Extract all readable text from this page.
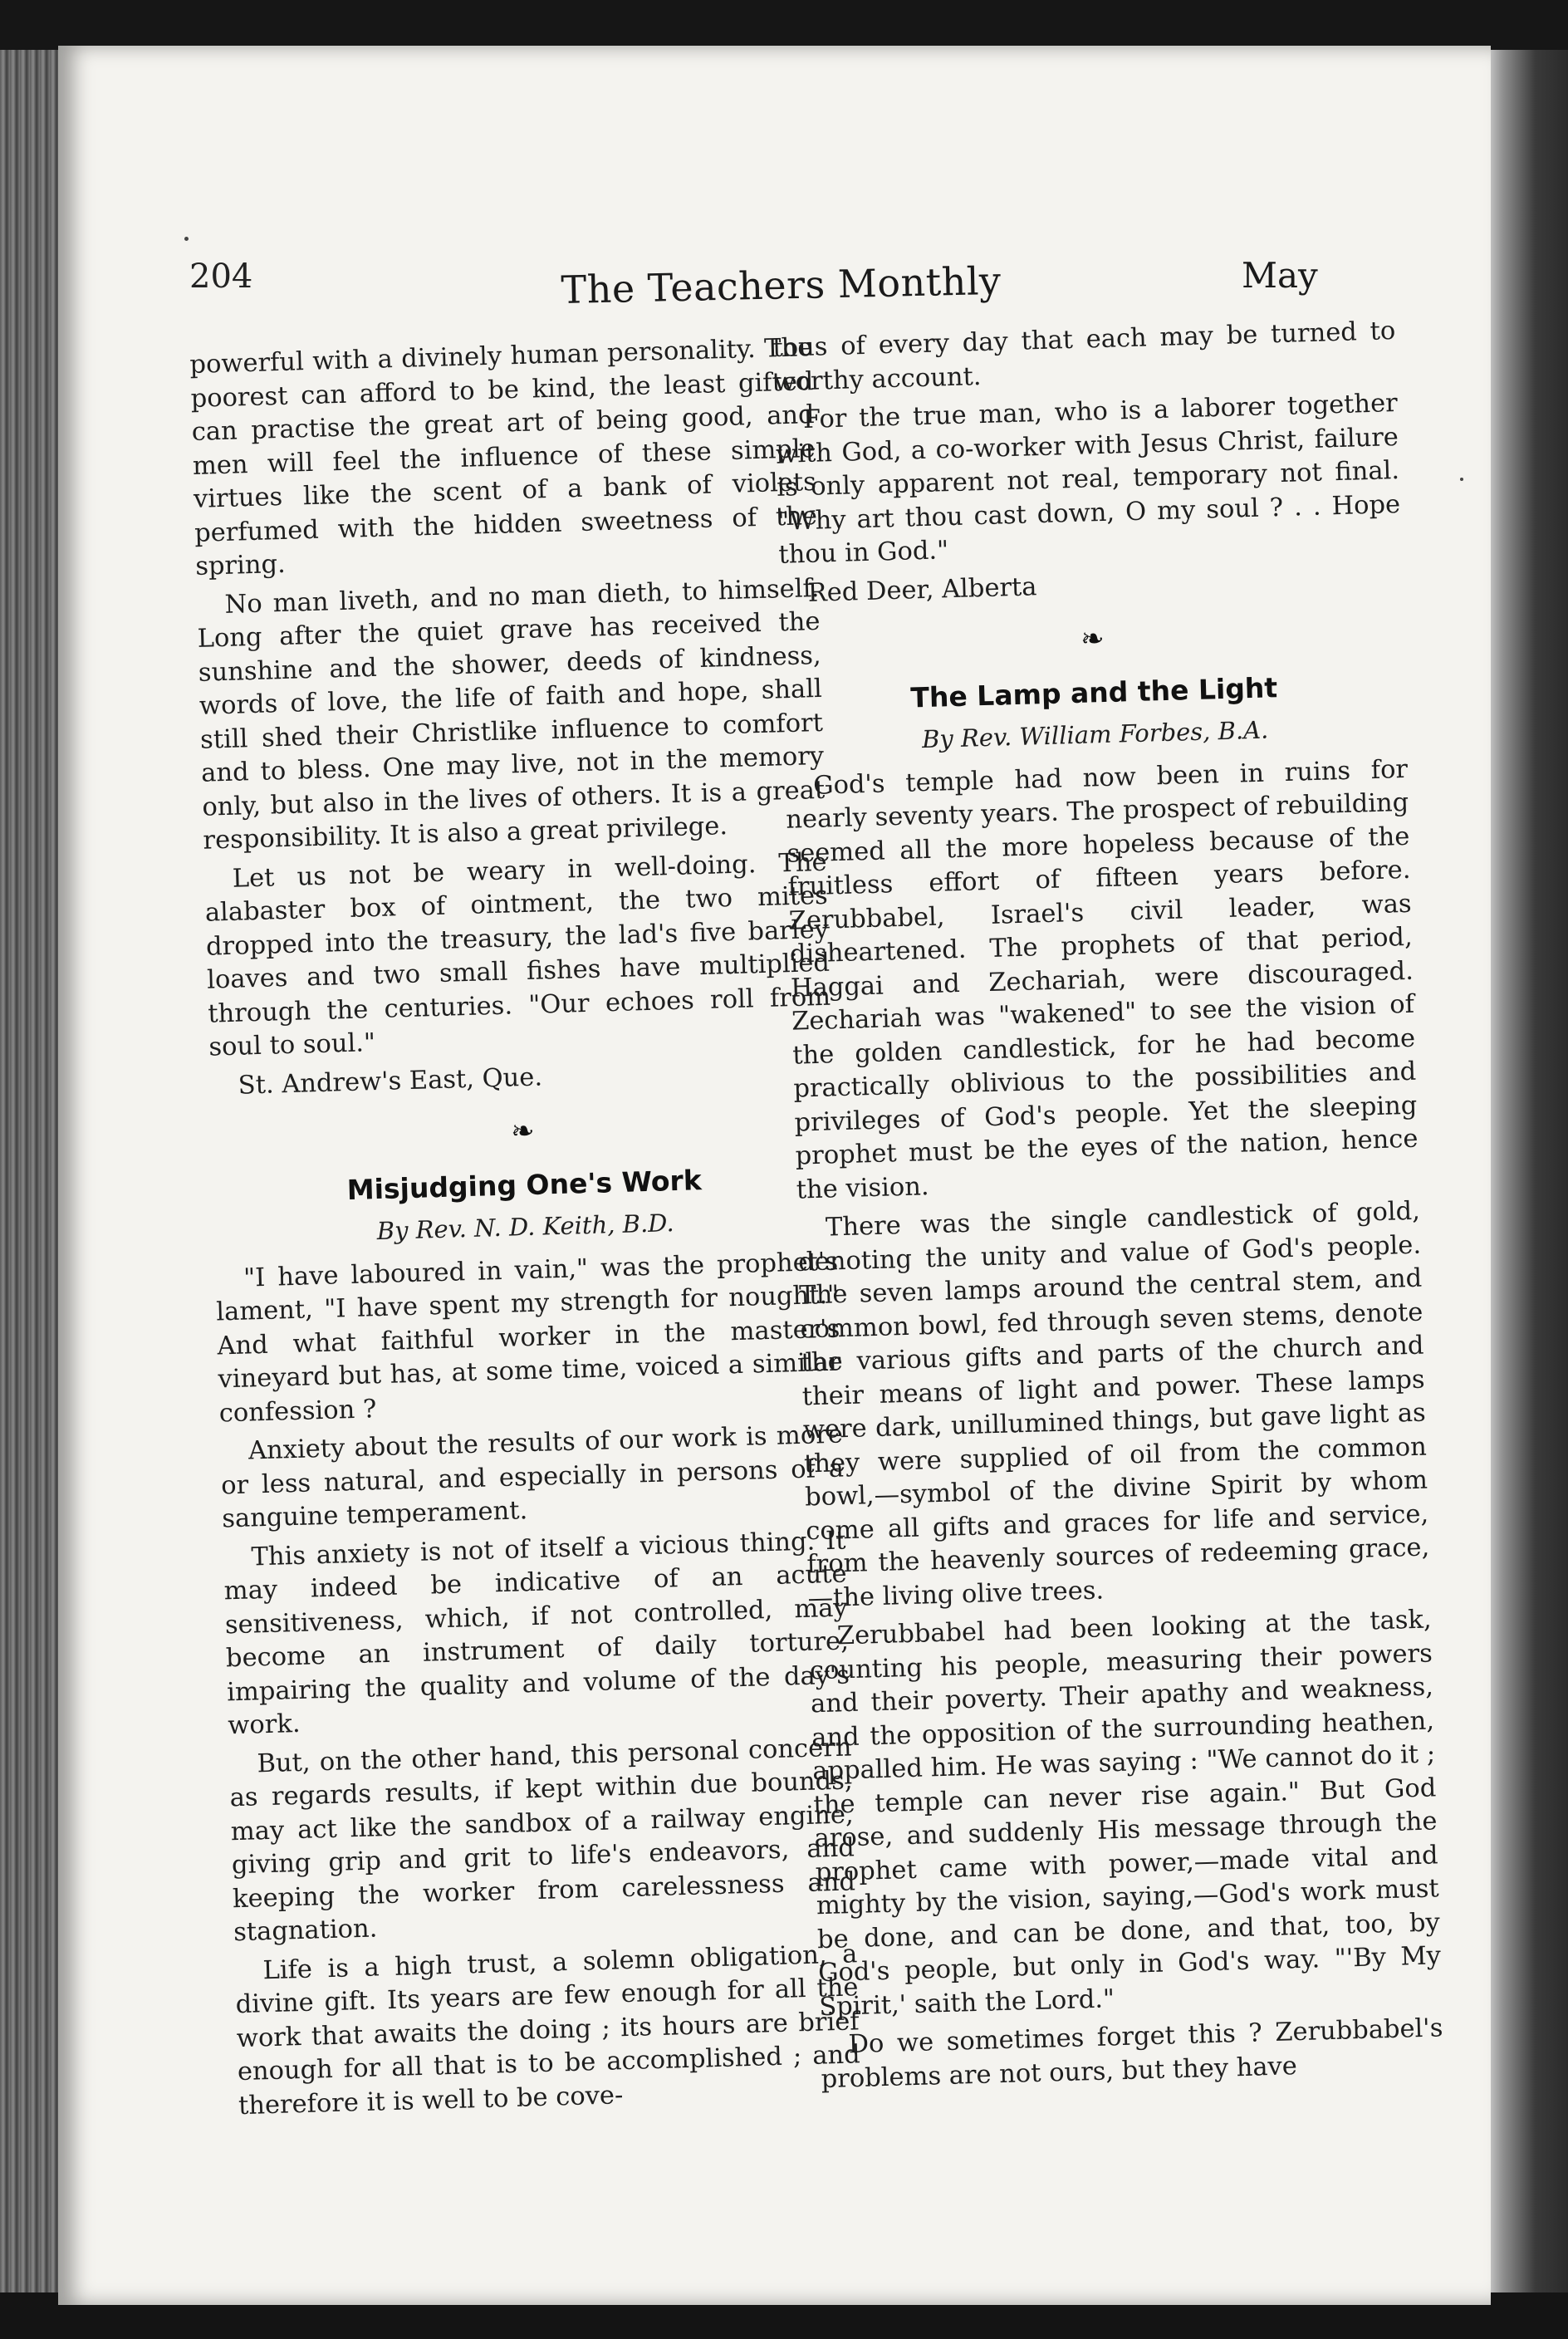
204	The Teachers Monthly	May

powerful with a divinely human personality. The poorest can afford to be kind, the least gifted can practise the great art of being good, and men will feel the influence of these simple virtues like the scent of a bank of violets perfumed with the hidden sweetness of the spring.

No man liveth, and no man dieth, to himself. Long after the quiet grave has received the sunshine and the shower, deeds of kindness, words of love, the life of faith and hope, shall still shed their Christlike influence to comfort and to bless. One may live, not in the memory only, but also in the lives of others. It is a great responsibility. It is also a great privilege.

Let us not be weary in well-doing. The alabaster box of ointment, the two mites dropped into the treasury, the lad's five barley loaves and two small fishes have multiplied through the centuries. "Our echoes roll from soul to soul."

St. Andrew's East, Que.

❧
Misjudging One's Work
By Rev. N. D. Keith, B.D.

"I have laboured in vain," was the prophet's lament, "I have spent my strength for nought." And what faithful worker in the master's vineyard but has, at some time, voiced a similar confession ?

Anxiety about the results of our work is more or less natural, and especially in persons of a sanguine temperament.

This anxiety is not of itself a vicious thing. It may indeed be indicative of an acute sensitiveness, which, if not controlled, may become an instrument of daily torture, impairing the quality and volume of the day's work.

But, on the other hand, this personal concern as regards results, if kept within due bounds, may act like the sandbox of a railway engine, giving grip and grit to life's endeavors, and keeping the worker from carelessness and stagnation.

Life is a high trust, a solemn obligation, a divine gift. Its years are few enough for all the work that awaits the doing ; its hours are brief enough for all that is to be accomplished ; and therefore it is well to be cove-

tous of every day that each may be turned to worthy account.

For the true man, who is a laborer together with God, a co-worker with Jesus Christ, failure is only apparent not real, temporary not final. "Why art thou cast down, O my soul ? . . Hope thou in God."

Red Deer, Alberta

❧
The Lamp and the Light
By Rev. William Forbes, B.A.

God's temple had now been in ruins for nearly seventy years. The prospect of rebuilding seemed all the more hopeless because of the fruitless effort of fifteen years before. Zerubbabel, Israel's civil leader, was disheartened. The prophets of that period, Haggai and Zechariah, were discouraged. Zechariah was "wakened" to see the vision of the golden candlestick, for he had become practically oblivious to the possibilities and privileges of God's people. Yet the sleeping prophet must be the eyes of the nation, hence the vision.

There was the single candlestick of gold, denoting the unity and value of God's people. The seven lamps around the central stem, and common bowl, fed through seven stems, denote the various gifts and parts of the church and their means of light and power. These lamps were dark, unillumined things, but gave light as they were supplied of oil from the common bowl,—symbol of the divine Spirit by whom come all gifts and graces for life and service, from the heavenly sources of redeeming grace,—the living olive trees.

Zerubbabel had been looking at the task, counting his people, measuring their powers and their poverty. Their apathy and weakness, and the opposition of the surrounding heathen, appalled him. He was saying : "We cannot do it ; the temple can never rise again." But God arose, and suddenly His message through the prophet came with power,—made vital and mighty by the vision, saying,—God's work must be done, and can be done, and that, too, by God's people, but only in God's way. "'By My Spirit,' saith the Lord."

Do we sometimes forget this ? Zerubbabel's problems are not ours, but they have
